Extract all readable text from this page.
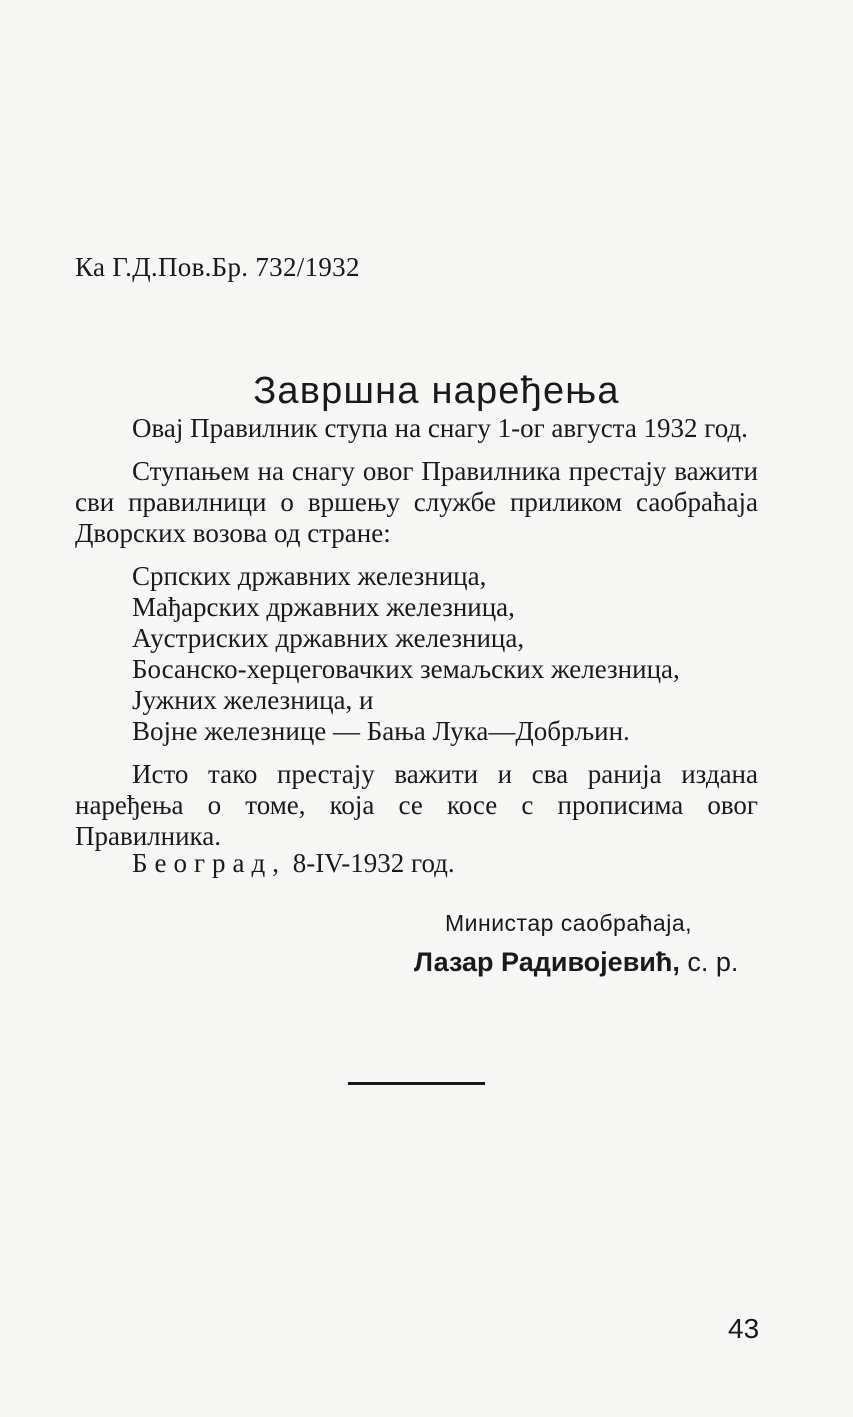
Ка Г.Д.Пов.Бр. 732/1932
Завршна наређења

Овај Правилник ступа на снагу 1-ог августа 1932 год.

Ступањем на снагу овог Правилника престају важити сви правилници о вршењу службе приликом саобраћаја Дворских возова од стране:

Српских државних железница,
Мађарских државних железница,
Аустриских државних железница,
Босанско-херцеговачких земаљских железница,
Јужних железница, и
Војне железнице — Бања Лука—Добрљин.

Исто тако престају важити и сва ранија издана наређења о томе, која се косе с прописима овог Правилника.

Београд, 8-IV-1932 год.
Министар саобраћаја,
Лазар Радивојевић, с. р.
43
